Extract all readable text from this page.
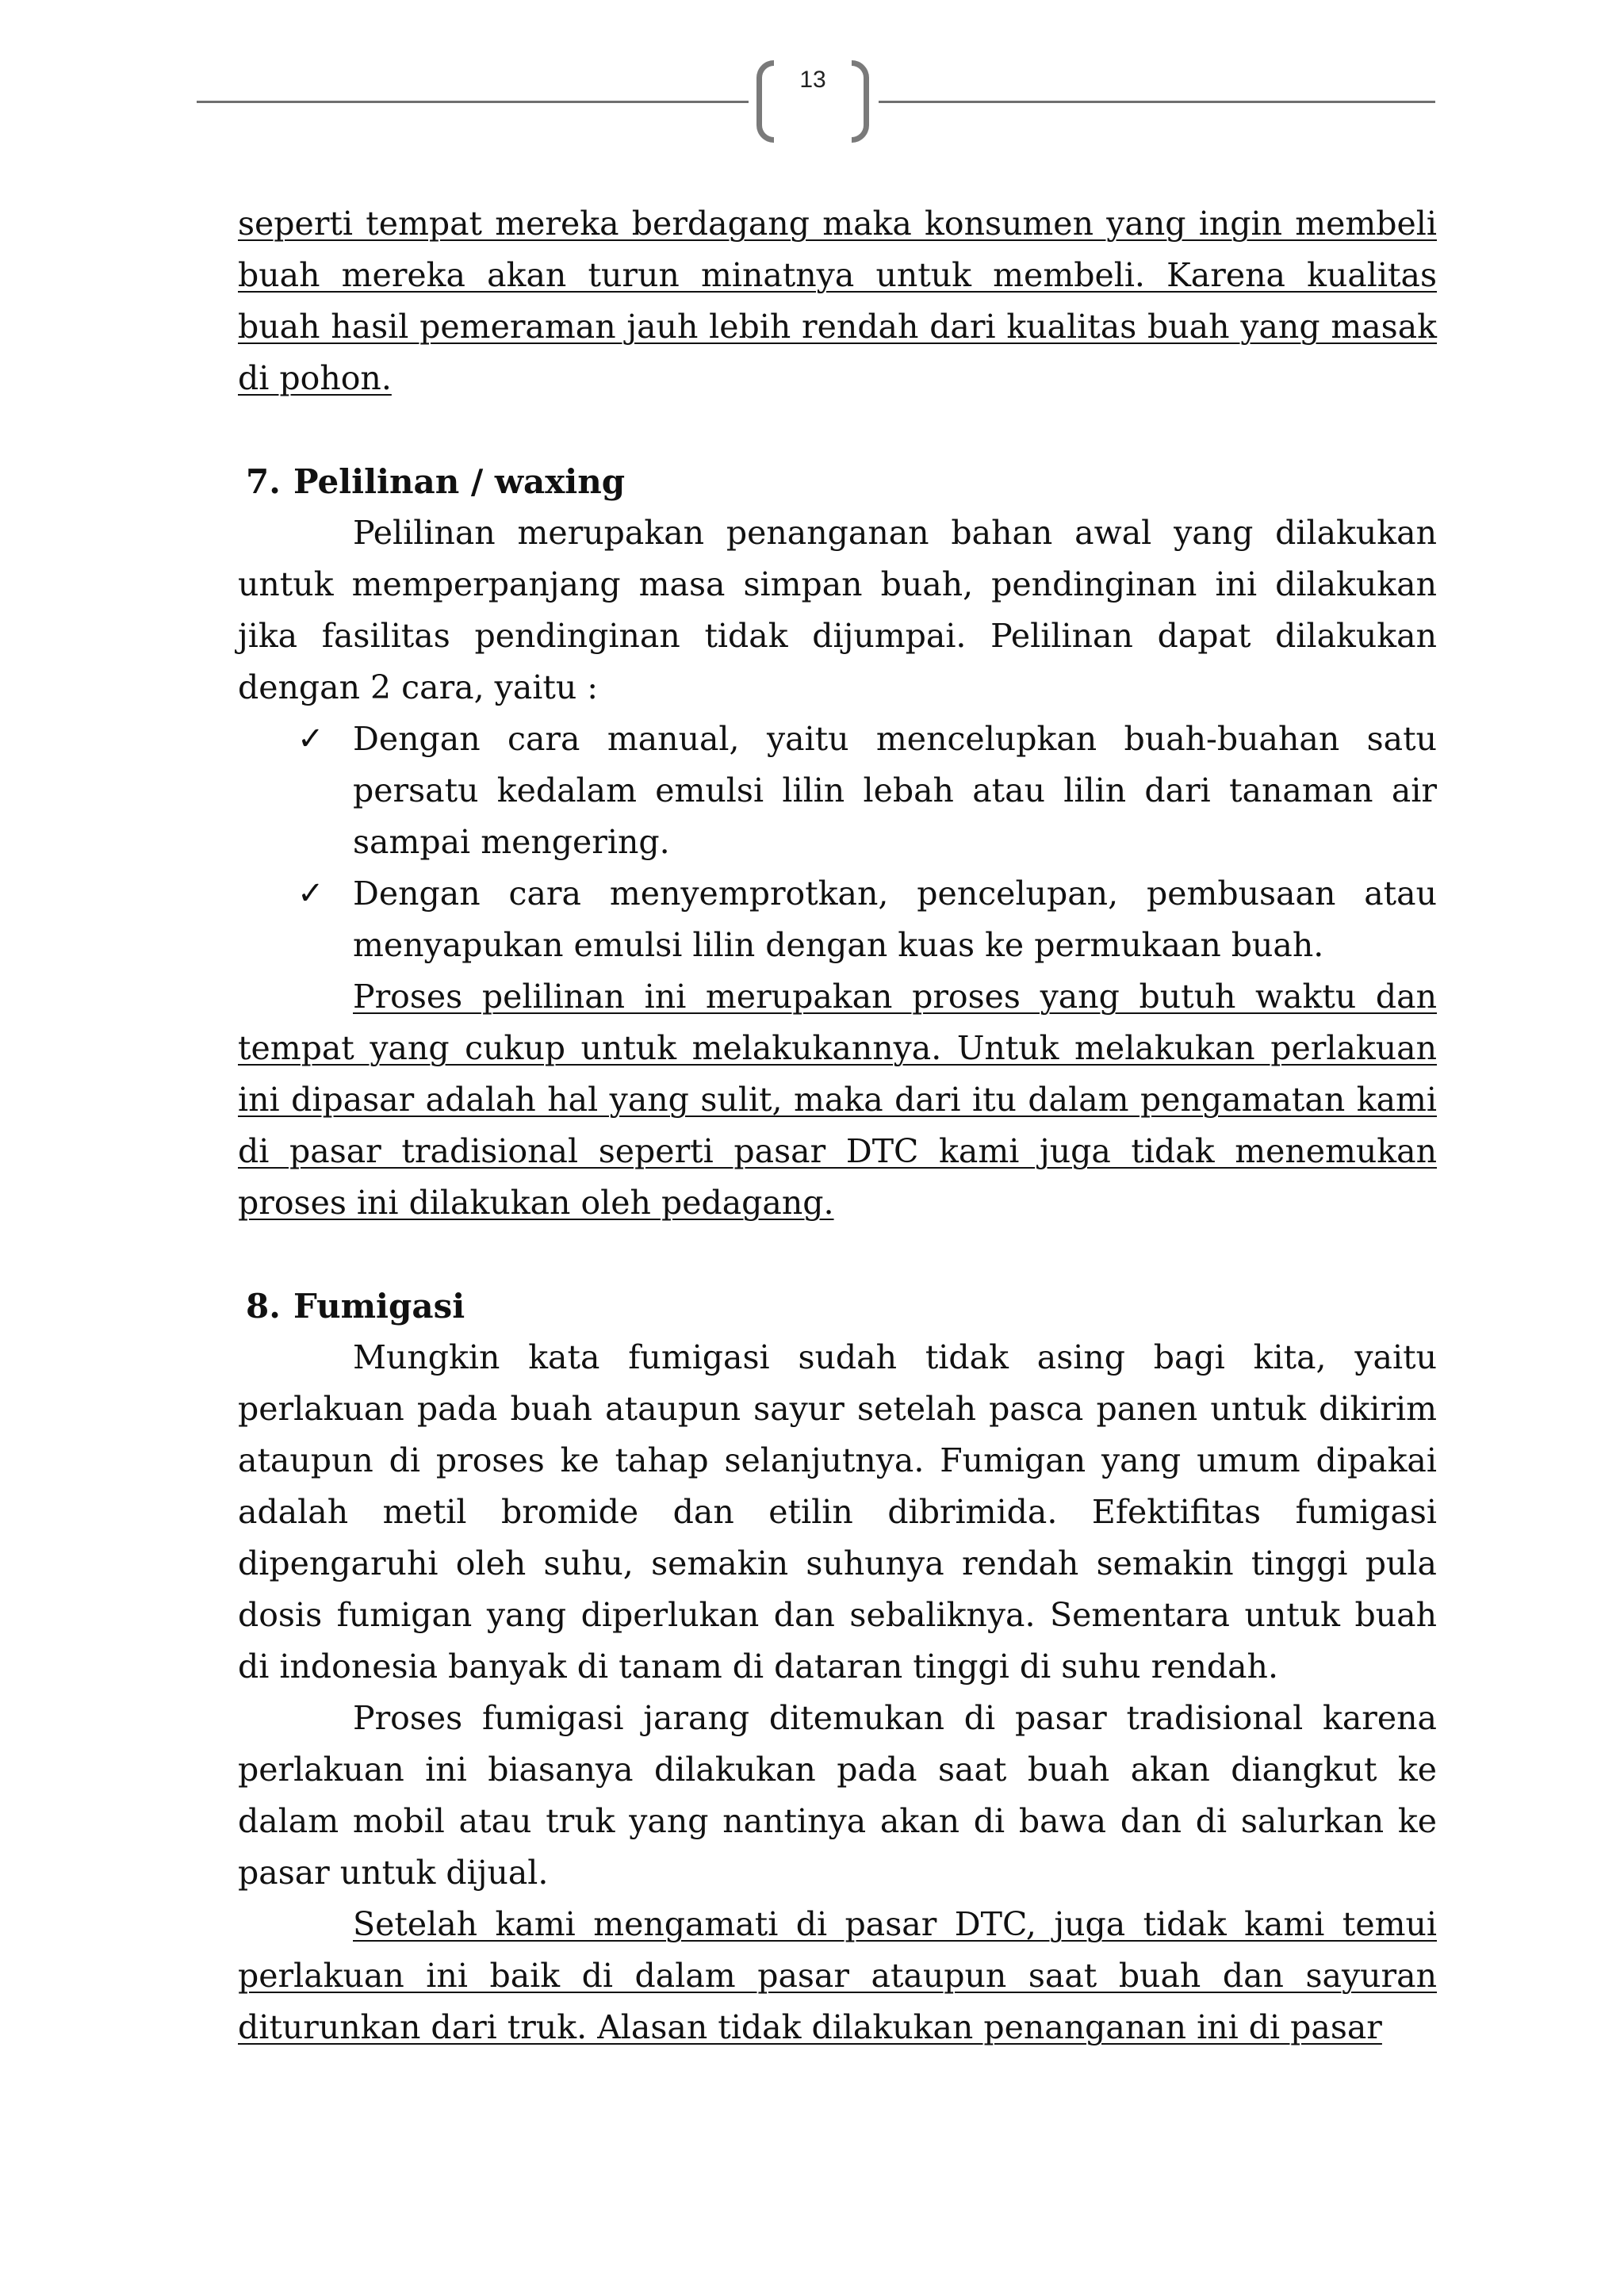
13

seperti tempat mereka berdagang maka konsumen yang ingin membeli buah mereka akan turun minatnya untuk membeli. Karena kualitas buah hasil pemeraman jauh lebih rendah dari kualitas buah yang masak di pohon.

7. Pelilinan / waxing

Pelilinan merupakan penanganan bahan awal yang dilakukan untuk memperpanjang masa simpan buah, pendinginan ini dilakukan jika fasilitas pendinginan tidak dijumpai. Pelilinan dapat dilakukan dengan 2 cara, yaitu :

✓ Dengan cara manual, yaitu mencelupkan buah-buahan satu persatu kedalam emulsi lilin lebah atau lilin dari tanaman air sampai mengering.
✓ Dengan cara menyemprotkan, pencelupan, pembusaan atau menyapukan emulsi lilin dengan kuas ke permukaan buah.

Proses pelilinan ini merupakan proses yang butuh waktu dan tempat yang cukup untuk melakukannya. Untuk melakukan perlakuan ini dipasar adalah hal yang sulit, maka dari itu dalam pengamatan kami di pasar tradisional seperti pasar DTC kami juga tidak menemukan proses ini dilakukan oleh pedagang.

8. Fumigasi

Mungkin kata fumigasi sudah tidak asing bagi kita, yaitu perlakuan pada buah ataupun sayur setelah pasca panen untuk dikirim ataupun di proses ke tahap selanjutnya. Fumigan yang umum dipakai adalah metil bromide dan etilin dibrimida. Efektifitas fumigasi dipengaruhi oleh suhu, semakin suhunya rendah semakin tinggi pula dosis fumigan yang diperlukan dan sebaliknya. Sementara untuk buah di indonesia banyak di tanam di dataran tinggi di suhu rendah.

Proses fumigasi jarang ditemukan di pasar tradisional karena perlakuan ini biasanya dilakukan pada saat buah akan diangkut ke dalam mobil atau truk yang nantinya akan di bawa dan di salurkan ke pasar untuk dijual.

Setelah kami mengamati di pasar DTC, juga tidak kami temui perlakuan ini baik di dalam pasar ataupun saat buah dan sayuran diturunkan dari truk. Alasan tidak dilakukan penanganan ini di pasar
